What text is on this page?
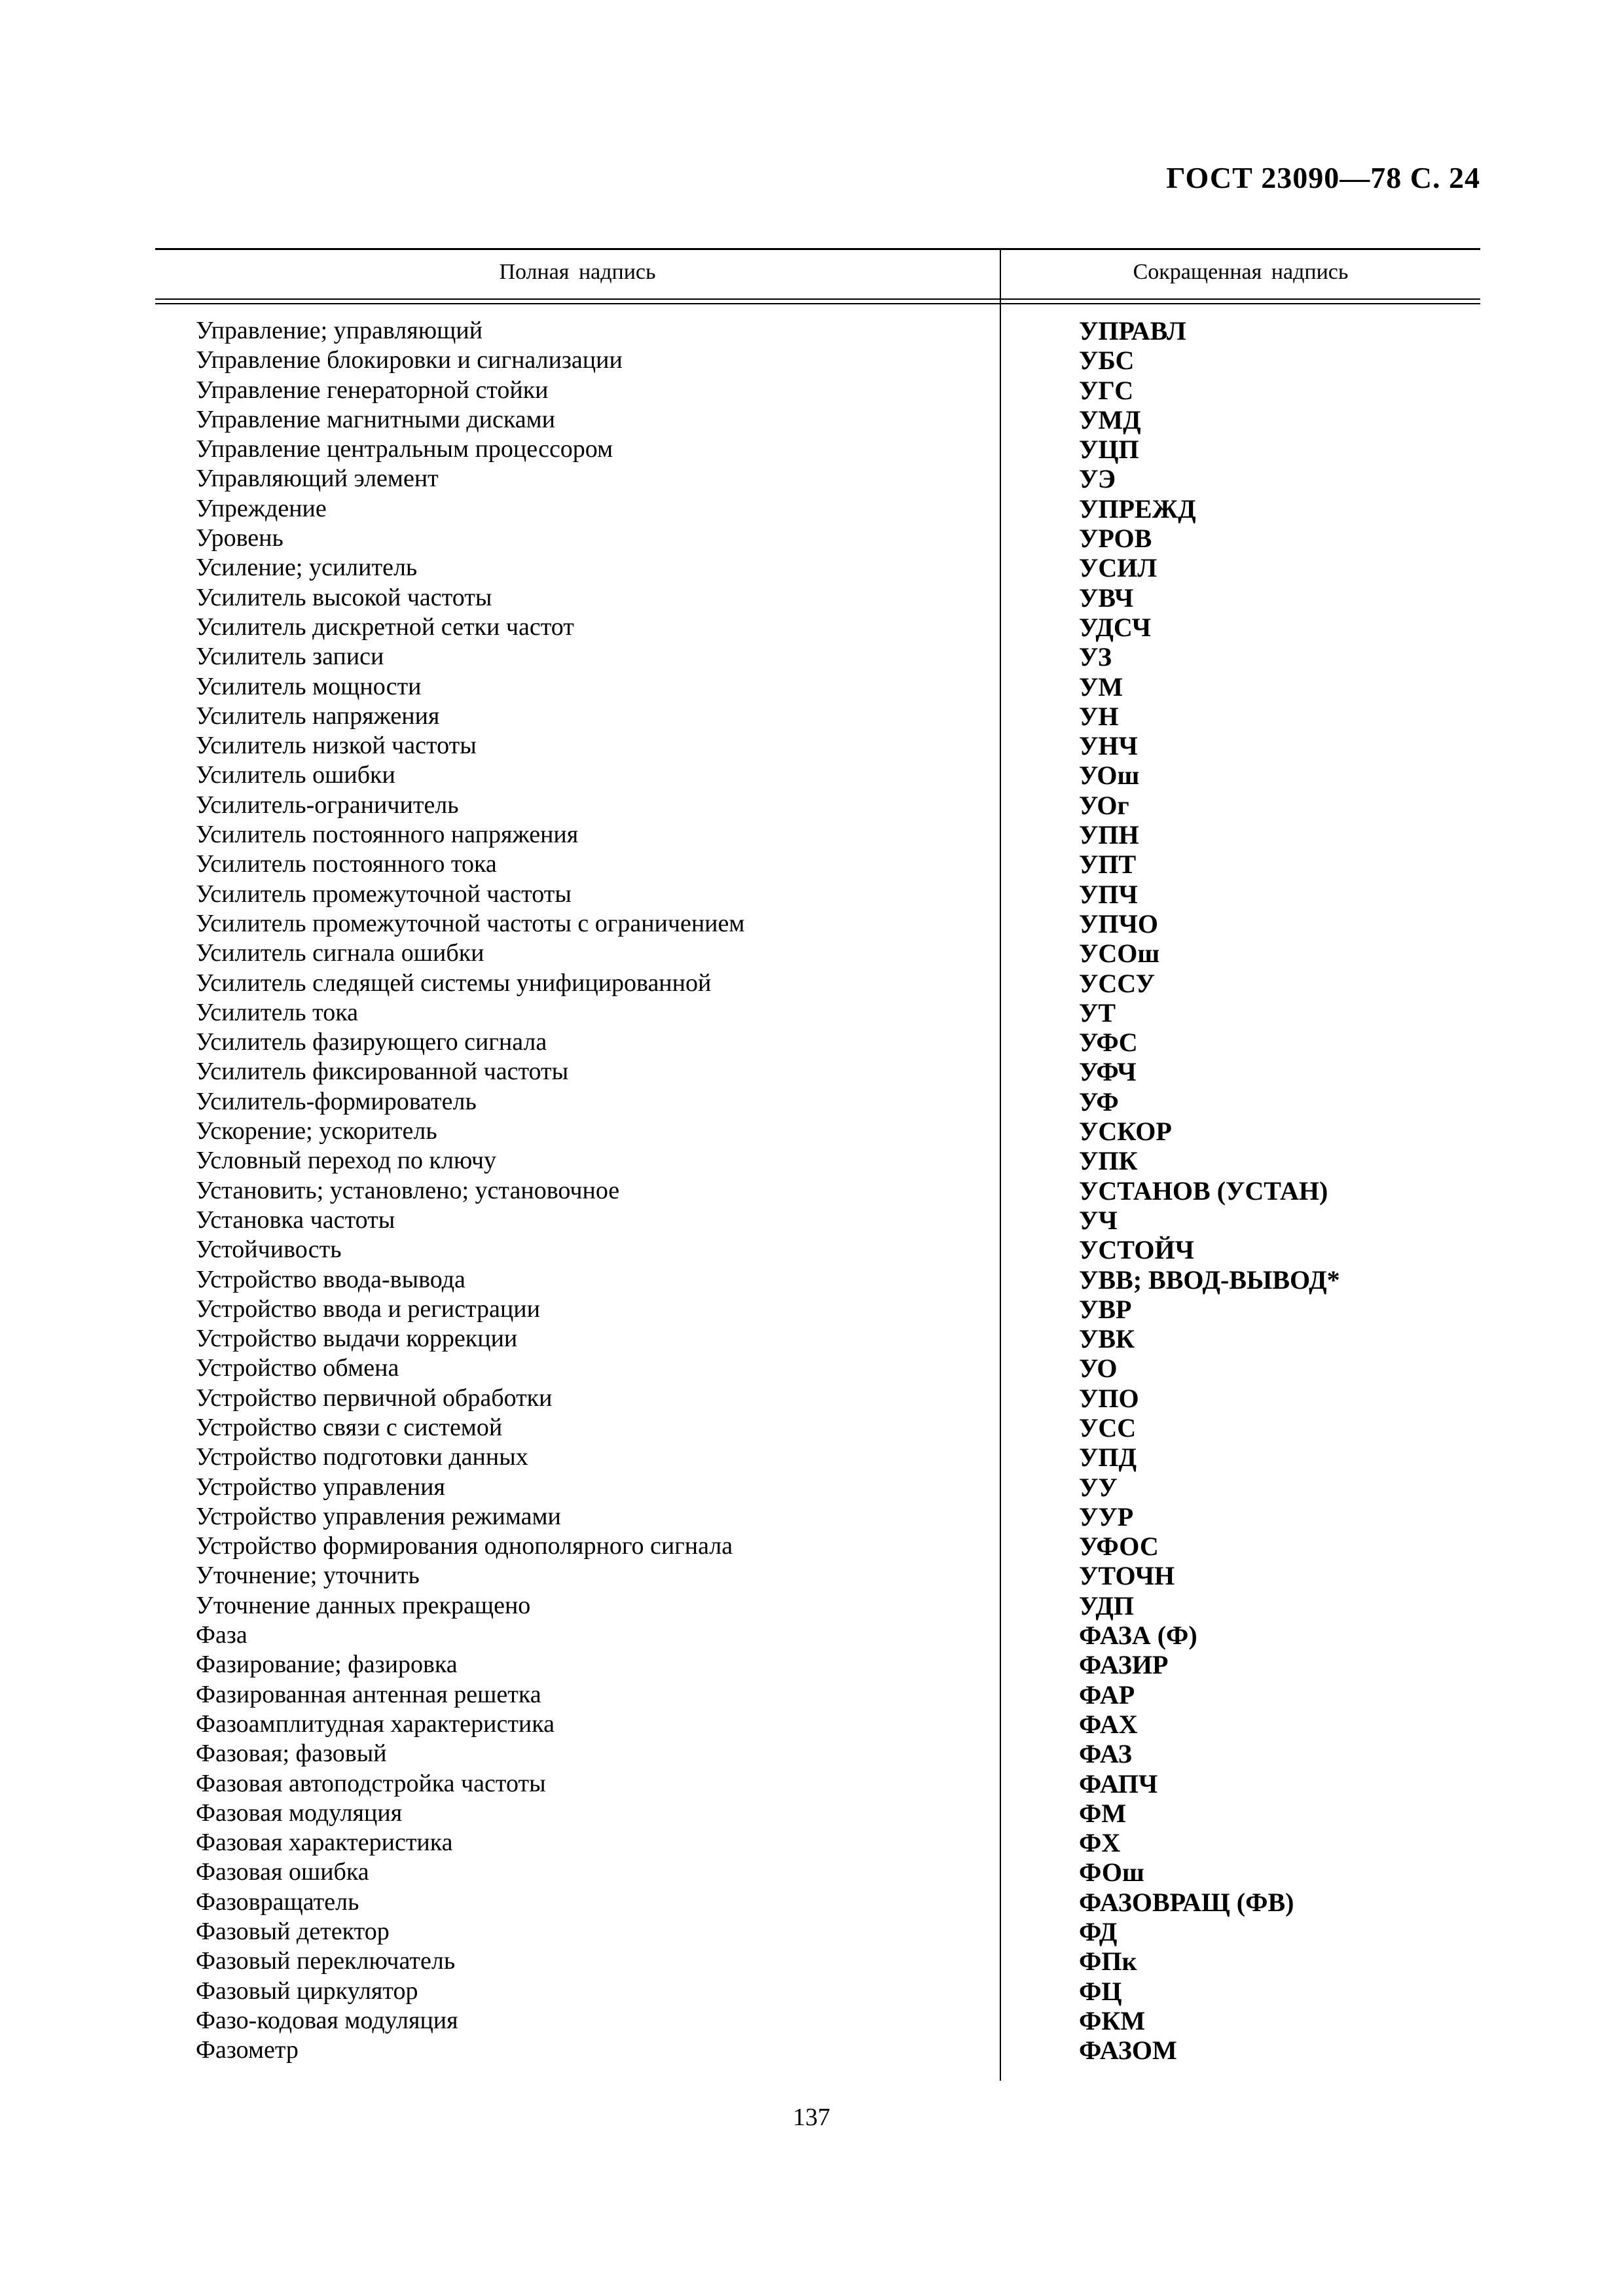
ГОСТ 23090—78 С. 24
Полная надпись	Сокращенная надпись
Управление; управляющий	УПРАВЛ
Управление блокировки и сигнализации	УБС
Управление генераторной стойки	УГС
Управление магнитными дисками	УМД
Управление центральным процессором	УЦП
Управляющий элемент	УЭ
Упреждение	УПРЕЖД
Уровень	УРОВ
Усиление; усилитель	УСИЛ
Усилитель высокой частоты	УВЧ
Усилитель дискретной сетки частот	УДСЧ
Усилитель записи	УЗ
Усилитель мощности	УМ
Усилитель напряжения	УН
Усилитель низкой частоты	УНЧ
Усилитель ошибки	УОш
Усилитель-ограничитель	УОг
Усилитель постоянного напряжения	УПН
Усилитель постоянного тока	УПТ
Усилитель промежуточной частоты	УПЧ
Усилитель промежуточной частоты с ограничением	УПЧО
Усилитель сигнала ошибки	УСОш
Усилитель следящей системы унифицированной	УССУ
Усилитель тока	УТ
Усилитель фазирующего сигнала	УФС
Усилитель фиксированной частоты	УФЧ
Усилитель-формирователь	УФ
Ускорение; ускоритель	УСКОР
Условный переход по ключу	УПК
Установить; установлено; установочное	УСТАНОВ (УСТАН)
Установка частоты	УЧ
Устойчивость	УСТОЙЧ
Устройство ввода-вывода	УВВ; ВВОД-ВЫВОД*
Устройство ввода и регистрации	УВР
Устройство выдачи коррекции	УВК
Устройство обмена	УО
Устройство первичной обработки	УПО
Устройство связи с системой	УСС
Устройство подготовки данных	УПД
Устройство управления	УУ
Устройство управления режимами	УУР
Устройство формирования однополярного сигнала	УФОС
Уточнение; уточнить	УТОЧН
Уточнение данных прекращено	УДП
Фаза	ФАЗА (Ф)
Фазирование; фазировка	ФАЗИР
Фазированная антенная решетка	ФАР
Фазоамплитудная характеристика	ФАХ
Фазовая; фазовый	ФАЗ
Фазовая автоподстройка частоты	ФАПЧ
Фазовая модуляция	ФМ
Фазовая характеристика	ФХ
Фазовая ошибка	ФОш
Фазовращатель	ФАЗОВРАЩ (ФВ)
Фазовый детектор	ФД
Фазовый переключатель	ФПк
Фазовый циркулятор	ФЦ
Фазо-кодовая модуляция	ФКМ
Фазометр	ФАЗОМ
137
